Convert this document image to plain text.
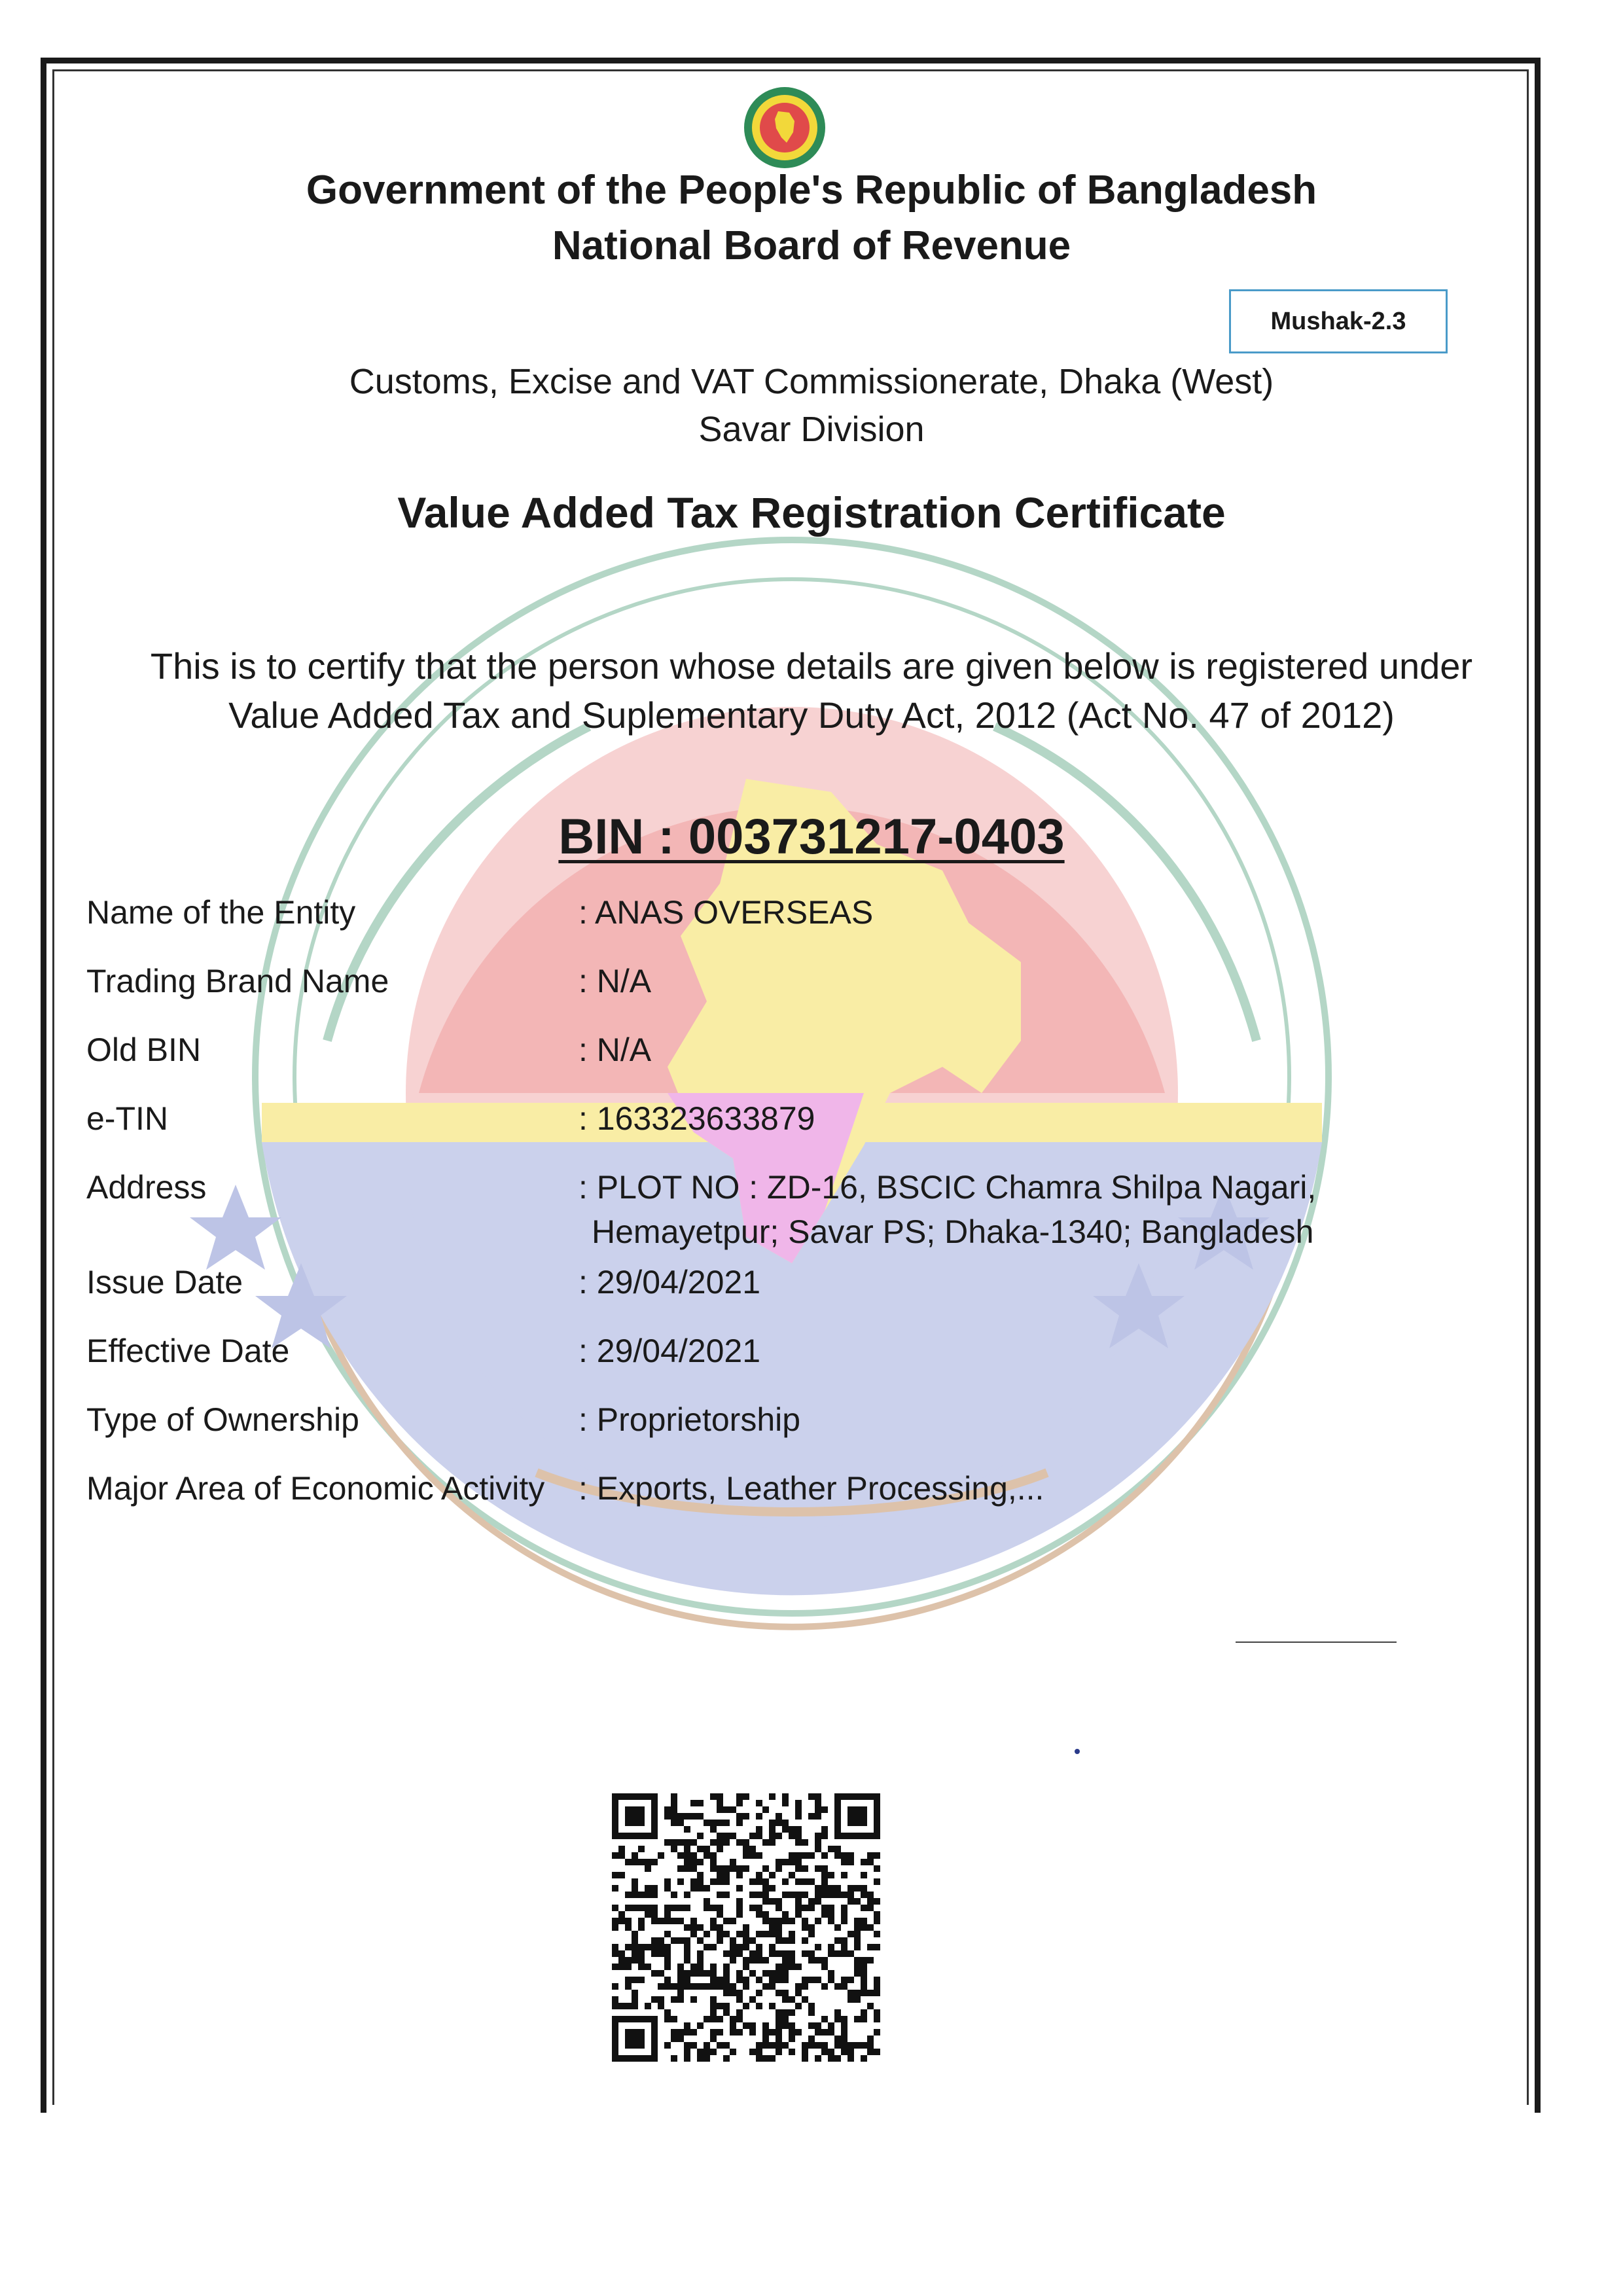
Government of the People's Republic of Bangladesh
National Board of Revenue
Mushak-2.3
Customs, Excise and VAT Commissionerate, Dhaka (West)
Savar Division
Value Added Tax Registration Certificate
This is to certify that the person whose details are given below is registered under
Value Added Tax and Suplementary Duty Act, 2012 (Act No. 47 of 2012)
BIN : 003731217-0403
Name of the Entity	: ANAS OVERSEAS
Trading Brand Name	: N/A
Old BIN	: N/A
e-TIN	: 163323633879
Address	: PLOT NO : ZD-16, BSCIC Chamra Shilpa Nagari,
Hemayetpur; Savar PS; Dhaka-1340; Bangladesh
Issue Date	: 29/04/2021
Effective Date	: 29/04/2021
Type of Ownership	: Proprietorship
Major Area of Economic Activity : Exports, Leather Processing,...
